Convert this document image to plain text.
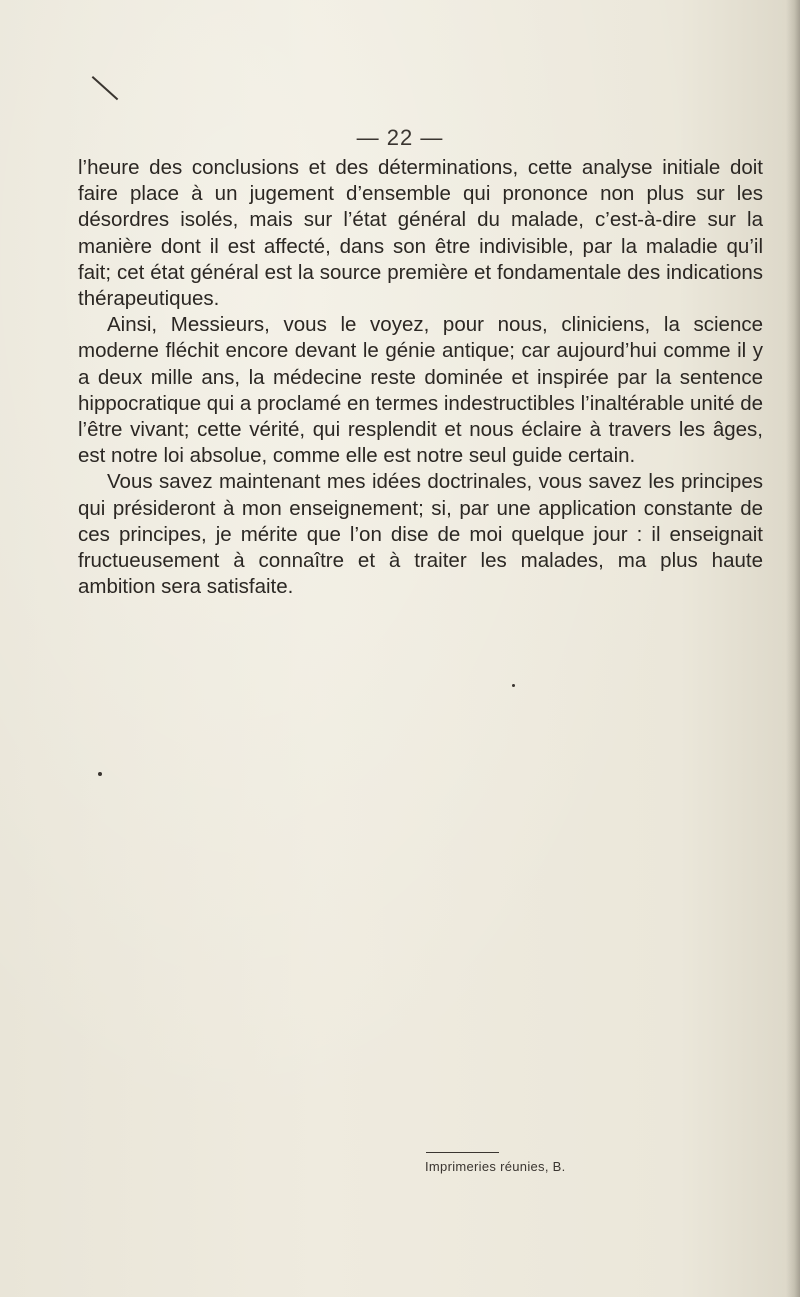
— 22 —

l’heure des conclusions et des déterminations, cette analyse initiale doit faire place à un jugement d’ensemble qui prononce non plus sur les désordres isolés, mais sur l’état général du malade, c’est-à-dire sur la manière dont il est affecté, dans son être indivisible, par la maladie qu’il fait; cet état général est la source première et fondamentale des indications thérapeutiques.

Ainsi, Messieurs, vous le voyez, pour nous, cliniciens, la science moderne fléchit encore devant le génie antique; car aujourd’hui comme il y a deux mille ans, la médecine reste dominée et inspirée par la sentence hippocratique qui a proclamé en termes indestructibles l’inaltérable unité de l’être vivant; cette vérité, qui resplendit et nous éclaire à travers les âges, est notre loi absolue, comme elle est notre seul guide certain.

Vous savez maintenant mes idées doctrinales, vous savez les principes qui présideront à mon enseignement; si, par une application constante de ces principes, je mérite que l’on dise de moi quelque jour : il enseignait fructueusement à connaître et à traiter les malades, ma plus haute ambition sera satisfaite.

Imprimeries réunies, B.
